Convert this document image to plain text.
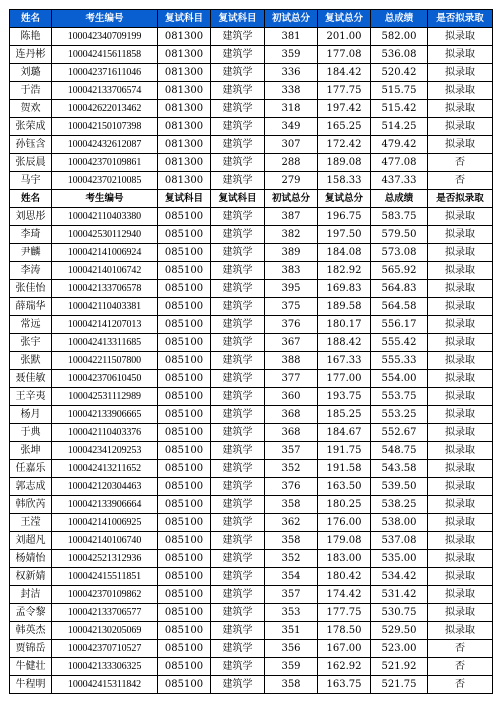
姓名	考生编号	复试科目	复试科目	初试总分	复试总分	总成绩	是否拟录取
陈艳	100042340709199	081300	建筑学	381	201.00	582.00	拟录取
连丹彬	100042415611858	081300	建筑学	359	177.08	536.08	拟录取
刘璐	100042371611046	081300	建筑学	336	184.42	520.42	拟录取
于浩	100042133706574	081300	建筑学	338	177.75	515.75	拟录取
贺欢	100042622013462	081300	建筑学	318	197.42	515.42	拟录取
张荣成	100042150107398	081300	建筑学	349	165.25	514.25	拟录取
孙钰含	100042432612087	081300	建筑学	307	172.42	479.42	拟录取
张辰晨	100042370109861	081300	建筑学	288	189.08	477.08	否
马宇	100042370210085	081300	建筑学	279	158.33	437.33	否
姓名	考生编号	复试科目	复试科目	初试总分	复试总分	总成绩	是否拟录取
刘思彤	100042110403380	085100	建筑学	387	196.75	583.75	拟录取
李琦	100042530112940	085100	建筑学	382	197.50	579.50	拟录取
尹麟	100042141006924	085100	建筑学	389	184.08	573.08	拟录取
李涛	100042140106742	085100	建筑学	383	182.92	565.92	拟录取
张佳怡	100042133706578	085100	建筑学	395	169.83	564.83	拟录取
薛瑞华	100042110403381	085100	建筑学	375	189.58	564.58	拟录取
常远	100042141207013	085100	建筑学	376	180.17	556.17	拟录取
张宇	100042413311685	085100	建筑学	367	188.42	555.42	拟录取
张默	100042211507800	085100	建筑学	388	167.33	555.33	拟录取
聂佳敏	100042370610450	085100	建筑学	377	177.00	554.00	拟录取
王辛夷	100042531112989	085100	建筑学	360	193.75	553.75	拟录取
杨月	100042133906665	085100	建筑学	368	185.25	553.25	拟录取
于典	100042110403376	085100	建筑学	368	184.67	552.67	拟录取
张坤	100042341209253	085100	建筑学	357	191.75	548.75	拟录取
任嘉乐	100042413211652	085100	建筑学	352	191.58	543.58	拟录取
郭志成	100042120304463	085100	建筑学	376	163.50	539.50	拟录取
韩欣芮	100042133906664	085100	建筑学	358	180.25	538.25	拟录取
王滢	100042141006925	085100	建筑学	362	176.00	538.00	拟录取
刘超凡	100042140106740	085100	建筑学	358	179.08	537.08	拟录取
杨婧怡	100042521312936	085100	建筑学	352	183.00	535.00	拟录取
权新婧	100042415511851	085100	建筑学	354	180.42	534.42	拟录取
封洁	100042370109862	085100	建筑学	357	174.42	531.42	拟录取
孟令黎	100042133706577	085100	建筑学	353	177.75	530.75	拟录取
韩英杰	100042130205069	085100	建筑学	351	178.50	529.50	拟录取
贾锦岳	100042370710527	085100	建筑学	356	167.00	523.00	否
牛健壮	100042133306325	085100	建筑学	359	162.92	521.92	否
牛程明	100042415311842	085100	建筑学	358	163.75	521.75	否
